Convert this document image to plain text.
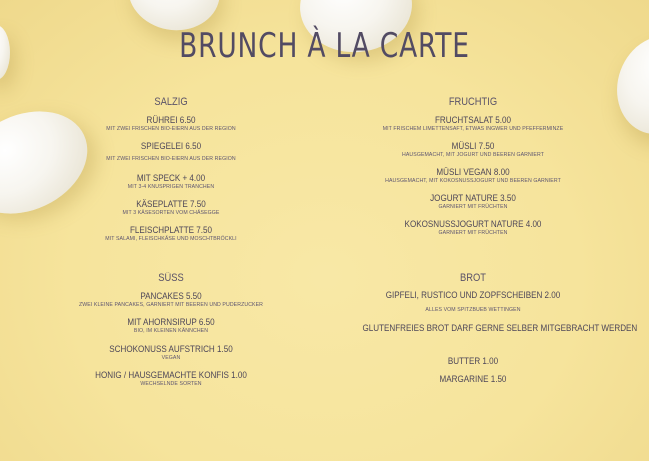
BRUNCH À LA CARTE
SALZIG
RÜHREI 6.50
MIT ZWEI FRISCHEN BIO-EIERN AUS DER REGION
SPIEGELEI 6.50
MIT ZWEI FRISCHEN BIO-EIERN AUS DER REGION
MIT SPECK + 4.00
MIT 3-4 KNUSPRIGEN TRANCHEN
KÄSEPLATTE 7.50
MIT 3 KÄSESORTEN VOM CHÄSEGGE
FLEISCHPLATTE 7.50
MIT SALAMI, FLEISCHKÄSE UND MOSCHTBRÖCKLI
FRUCHTIG
FRUCHTSALAT 5.00
MIT FRISCHEM LIMETTENSAFT, ETWAS INGWER UND PFEFFERMINZE
MÜSLI 7.50
HAUSGEMACHT, MIT JOGURT UND BEEREN GARNIERT
MÜSLI VEGAN 8.00
HAUSGEMACHT, MIT KOKOSNUSSJOGURT UND BEEREN GARNIERT
JOGURT NATURE 3.50
GARNIERT MIT FRÜCHTEN
KOKOSNUSSJOGURT NATURE 4.00
GARNIERT MIT FRÜCHTEN
SÜSS
PANCAKES 5.50
ZWEI KLEINE PANCAKES, GARNIERT MIT BEEREN UND PUDERZUCKER
MIT AHORNSIRUP 6.50
BIO, IM KLEINEN KÄNNCHEN
SCHOKONUSS AUFSTRICH 1.50
VEGAN
HONIG / HAUSGEMACHTE KONFIS 1.00
WECHSELNDE SORTEN
BROT
GIPFELI, RUSTICO UND ZOPFSCHEIBEN 2.00
ALLES VOM SPITZBUEB WETTINGEN
GLUTENFREIES BROT DARF GERNE SELBER MITGEBRACHT WERDEN
BUTTER 1.00
MARGARINE 1.50
